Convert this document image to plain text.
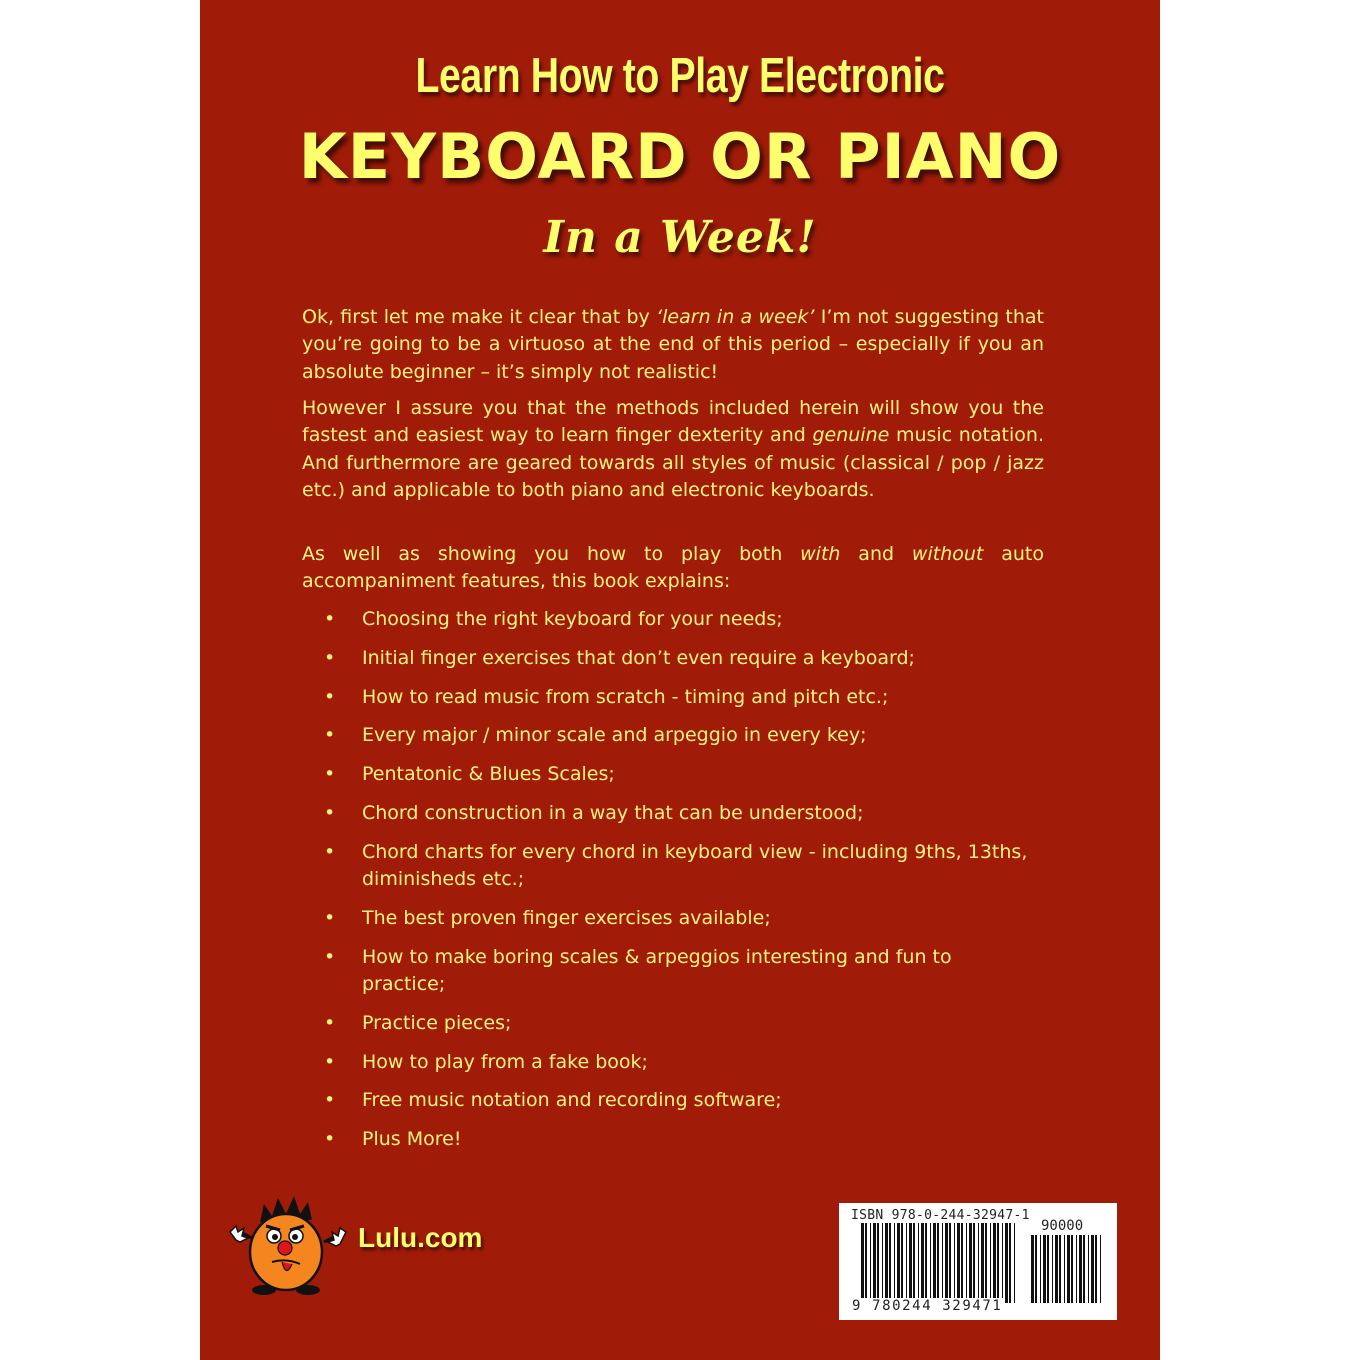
Learn How to Play Electronic
KEYBOARD OR PIANO
In a Week!

Ok, first let me make it clear that by ‘learn in a week’ I’m not suggesting that you’re going to be a virtuoso at the end of this period – especially if you an absolute beginner – it’s simply not realistic!

However I assure you that the methods included herein will show you the fastest and easiest way to learn finger dexterity and genuine music notation. And furthermore are geared towards all styles of music (classical / pop / jazz etc.) and applicable to both piano and electronic keyboards.

As well as showing you how to play both with and without auto accompaniment features, this book explains:

• Choosing the right keyboard for your needs;
• Initial finger exercises that don’t even require a keyboard;
• How to read music from scratch - timing and pitch etc.;
• Every major / minor scale and arpeggio in every key;
• Pentatonic & Blues Scales;
• Chord construction in a way that can be understood;
• Chord charts for every chord in keyboard view - including 9ths, 13ths, diminisheds etc.;
• The best proven finger exercises available;
• How to make boring scales & arpeggios interesting and fun to practice;
• Practice pieces;
• How to play from a fake book;
• Free music notation and recording software;
• Plus More!
Lulu.com
ISBN 978-0-244-32947-1
90000
9 780244 329471
